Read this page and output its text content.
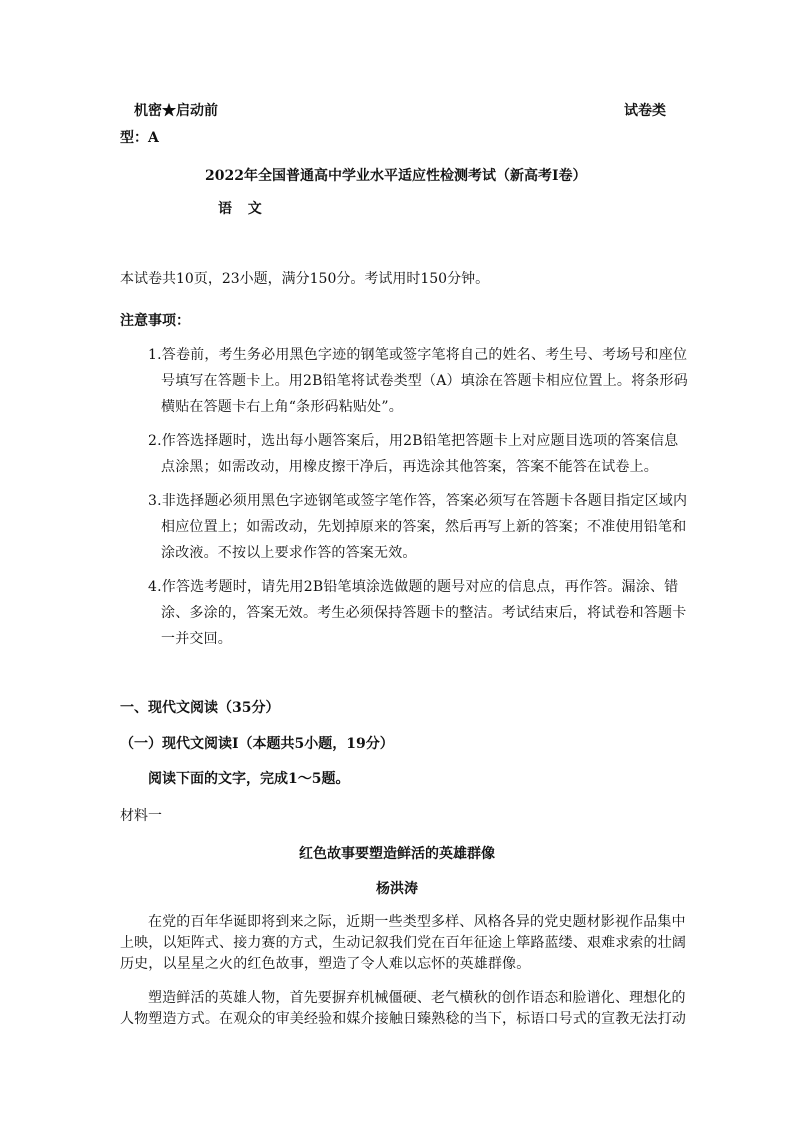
机密★启动前	试卷类
型：A
2022年全国普通高中学业水平适应性检测考试（新高考Ⅰ卷）
语  文
本试卷共10页，23小题，满分150分。考试用时150分钟。
注意事项：
1.答卷前，考生务必用黑色字迹的钢笔或签字笔将自己的姓名、考生号、考场号和座位
号填写在答题卡上。用2B铅笔将试卷类型（A）填涂在答题卡相应位置上。将条形码
横贴在答题卡右上角“条形码粘贴处”。
2.作答选择题时，选出每小题答案后，用2B铅笔把答题卡上对应题目选项的答案信息
点涂黑；如需改动，用橡皮擦干净后，再选涂其他答案，答案不能答在试卷上。
3.非选择题必须用黑色字迹钢笔或签字笔作答，答案必须写在答题卡各题目指定区域内
相应位置上；如需改动，先划掉原来的答案，然后再写上新的答案；不准使用铅笔和
涂改液。不按以上要求作答的答案无效。
4.作答选考题时，请先用2B铅笔填涂选做题的题号对应的信息点，再作答。漏涂、错
涂、多涂的，答案无效。考生必须保持答题卡的整洁。考试结束后，将试卷和答题卡
一并交回。
一、现代文阅读（35分）
（一）现代文阅读Ⅰ（本题共5小题，19分）
阅读下面的文字，完成1～5题。
材料一
红色故事要塑造鲜活的英雄群像
杨洪涛
在党的百年华诞即将到来之际，近期一些类型多样、风格各异的党史题材影视作品集中
上映，以矩阵式、接力赛的方式，生动记叙我们党在百年征途上筚路蓝缕、艰难求索的壮阔
历史，以星星之火的红色故事，塑造了令人难以忘怀的英雄群像。
塑造鲜活的英雄人物，首先要摒弃机械僵硬、老气横秋的创作语态和脸谱化、理想化的
人物塑造方式。在观众的审美经验和媒介接触日臻熟稔的当下，标语口号式的宣教无法打动
